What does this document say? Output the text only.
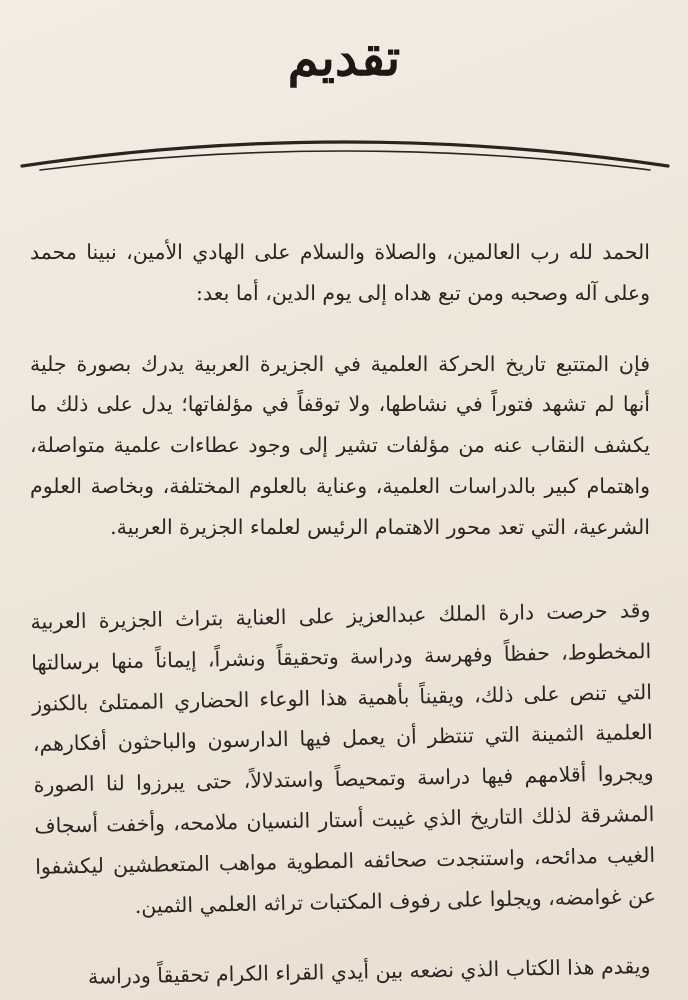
تقديم

الحمد لله رب العالمين، والصلاة والسلام على الهادي الأمين، نبينا محمد وعلى آله وصحبه ومن تبع هداه إلى يوم الدين، أما بعد:

فإن المتتبع تاريخ الحركة العلمية في الجزيرة العربية يدرك بصورة جلية أنها لم تشهد فتوراً في نشاطها، ولا توقفاً في مؤلفاتها؛ يدل على ذلك ما يكشف النقاب عنه من مؤلفات تشير إلى وجود عطاءات علمية متواصلة، واهتمام كبير بالدراسات العلمية، وعناية بالعلوم المختلفة، وبخاصة العلوم الشرعية، التي تعد محور الاهتمام الرئيس لعلماء الجزيرة العربية.

وقد حرصت دارة الملك عبدالعزيز على العناية بتراث الجزيرة العربية المخطوط، حفظاً وفهرسة ودراسة وتحقيقاً ونشراً، إيماناً منها برسالتها التي تنص على ذلك، ويقيناً بأهمية هذا الوعاء الحضاري الممتلئ بالكنوز العلمية الثمينة التي تنتظر أن يعمل فيها الدارسون والباحثون أفكارهم، ويجروا أقلامهم فيها دراسة وتمحيصاً واستدلالاً، حتى يبرزوا لنا الصورة المشرقة لذلك التاريخ الذي غيبت أستار النسيان ملامحه، وأخفت أسجاف الغيب مدائحه، واستنجدت صحائفه المطوية مواهب المتعطشين ليكشفوا عن غوامضه، ويجلوا على رفوف المكتبات تراثه العلمي الثمين.

ويقدم هذا الكتاب الذي نضعه بين أيدي القراء الكرام تحقيقاً ودراسة
